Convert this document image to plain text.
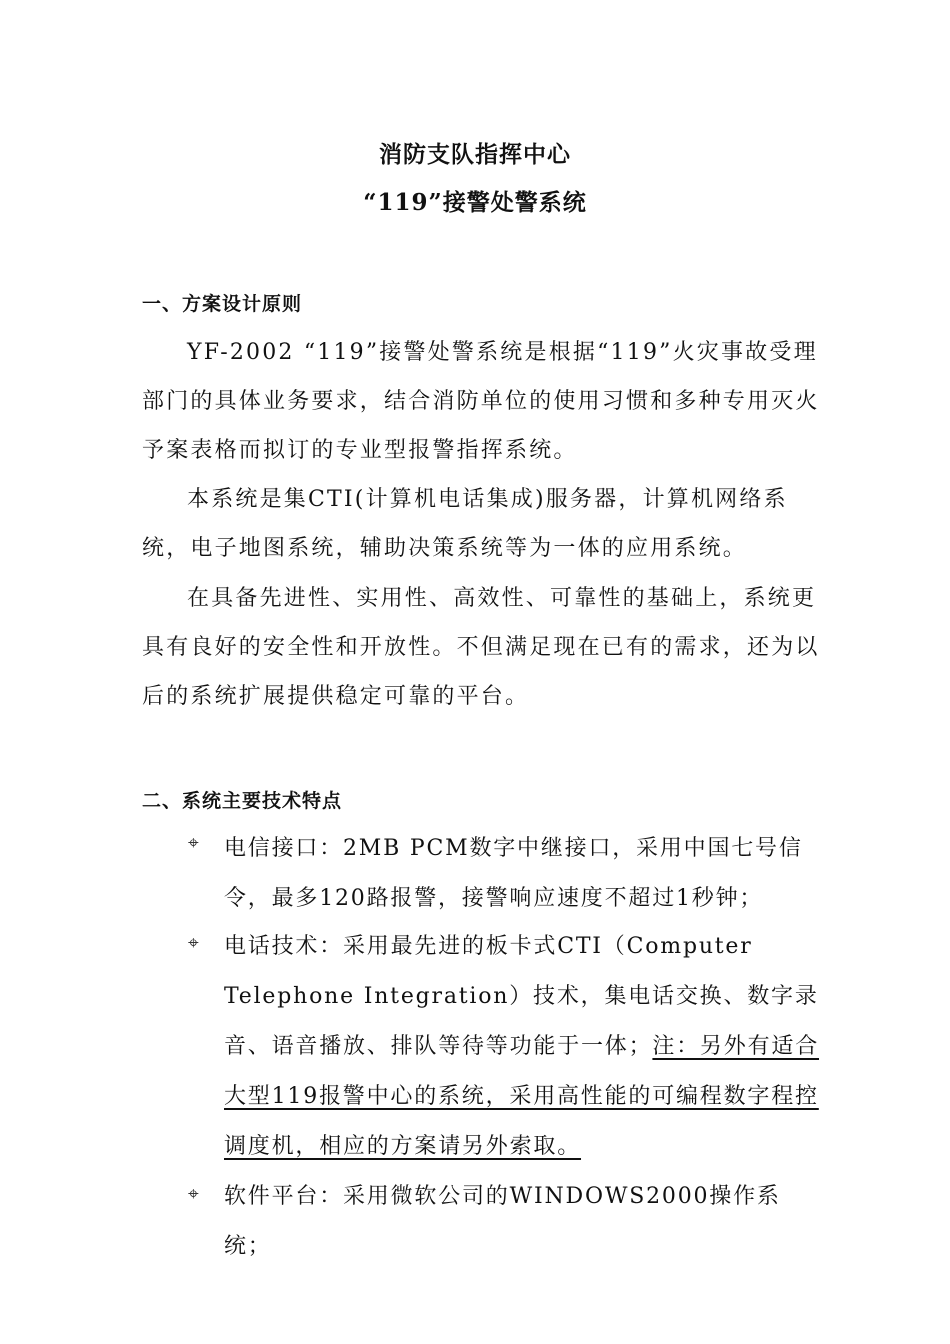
消防支队指挥中心
“119”接警处警系统
一、方案设计原则

YF-2002 “119”接警处警系统是根据“119”火灾事故受理部门的具体业务要求，结合消防单位的使用习惯和多种专用灭火予案表格而拟订的专业型报警指挥系统。

本系统是集CTI(计算机电话集成)服务器，计算机网络系统，电子地图系统，辅助决策系统等为一体的应用系统。

在具备先进性、实用性、高效性、可靠性的基础上，系统更具有良好的安全性和开放性。不但满足现在已有的需求，还为以后的系统扩展提供稳定可靠的平台。

二、系统主要技术特点
⌖ 电信接口：2MB PCM数字中继接口，采用中国七号信令，最多120路报警，接警响应速度不超过1秒钟；

⌖ 电话技术：采用最先进的板卡式CTI（Computer Telephone Integration）技术，集电话交换、数字录音、语音播放、排队等待等功能于一体；注：另外有适合大型119报警中心的系统，采用高性能的可编程数字程控调度机，相应的方案请另外索取。

⌖ 软件平台：采用微软公司的WINDOWS2000操作系统；
